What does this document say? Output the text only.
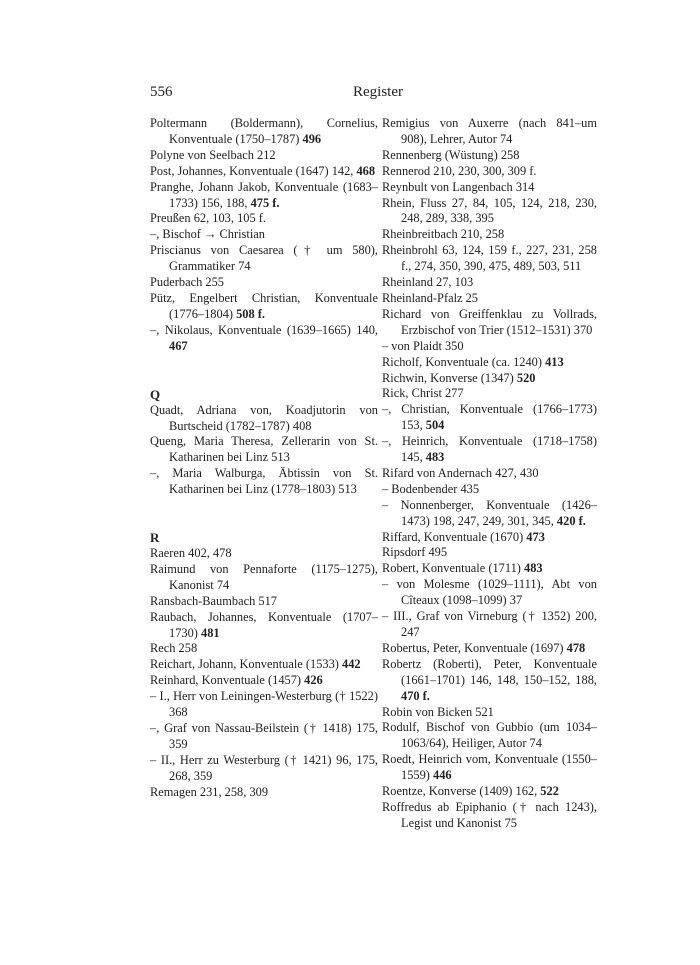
556	Register
Poltermann (Boldermann), Cornelius, Konventuale (1750–1787) 496
Polyne von Seelbach 212
Post, Johannes, Konventuale (1647) 142, 468
Pranghe, Johann Jakob, Konventuale (1683–1733) 156, 188, 475 f.
Preußen 62, 103, 105 f.
–, Bischof → Christian
Priscianus von Caesarea († um 580), Grammatiker 74
Puderbach 255
Pütz, Engelbert Christian, Konventuale (1776–1804) 508 f.
–, Nikolaus, Konventuale (1639–1665) 140, 467
Q
Quadt, Adriana von, Koadjutorin von Burtscheid (1782–1787) 408
Queng, Maria Theresa, Zellerarin von St. Katharinen bei Linz 513
–, Maria Walburga, Äbtissin von St. Katharinen bei Linz (1778–1803) 513
R
Raeren 402, 478
Raimund von Pennaforte (1175–1275), Kanonist 74
Ransbach-Baumbach 517
Raubach, Johannes, Konventuale (1707–1730) 481
Rech 258
Reichart, Johann, Konventuale (1533) 442
Reinhard, Konventuale (1457) 426
– I., Herr von Leiningen-Westerburg († 1522) 368
–, Graf von Nassau-Beilstein († 1418) 175, 359
– II., Herr zu Westerburg († 1421) 96, 175, 268, 359
Remagen 231, 258, 309
Remigius von Auxerre (nach 841–um 908), Lehrer, Autor 74
Rennenberg (Wüstung) 258
Rennerod 210, 230, 300, 309 f.
Reynbult von Langenbach 314
Rhein, Fluss 27, 84, 105, 124, 218, 230, 248, 289, 338, 395
Rheinbreitbach 210, 258
Rheinbrohl 63, 124, 159 f., 227, 231, 258 f., 274, 350, 390, 475, 489, 503, 511
Rheinland 27, 103
Rheinland-Pfalz 25
Richard von Greiffenklau zu Vollrads, Erzbischof von Trier (1512–1531) 370
– von Plaidt 350
Richolf, Konventuale (ca. 1240) 413
Richwin, Konverse (1347) 520
Rick, Christ 277
–, Christian, Konventuale (1766–1773) 153, 504
–, Heinrich, Konventuale (1718–1758) 145, 483
Rifard von Andernach 427, 430
– Bodenbender 435
– Nonnenberger, Konventuale (1426–1473) 198, 247, 249, 301, 345, 420 f.
Riffard, Konventuale (1670) 473
Ripsdorf 495
Robert, Konventuale (1711) 483
– von Molesme (1029–1111), Abt von Cîteaux (1098–1099) 37
– III., Graf von Virneburg († 1352) 200, 247
Robertus, Peter, Konventuale (1697) 478
Robertz (Roberti), Peter, Konventuale (1661–1701) 146, 148, 150–152, 188, 470 f.
Robin von Bicken 521
Rodulf, Bischof von Gubbio (um 1034–1063/64), Heiliger, Autor 74
Roedt, Heinrich vom, Konventuale (1550–1559) 446
Roentze, Konverse (1409) 162, 522
Roffredus ab Epiphanio († nach 1243), Legist und Kanonist 75
